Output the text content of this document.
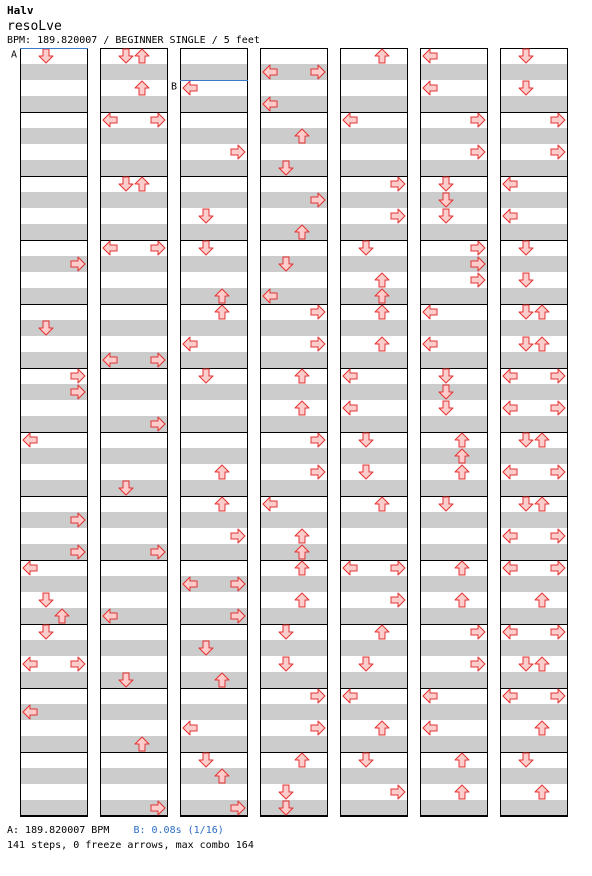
Halv
resoLve
BPM: 189.820007 / BEGINNER SINGLE / 5 feet
A
B
A: 189.820007 BPM B: 0.08s (1/16)
141 steps, 0 freeze arrows, max combo 164
